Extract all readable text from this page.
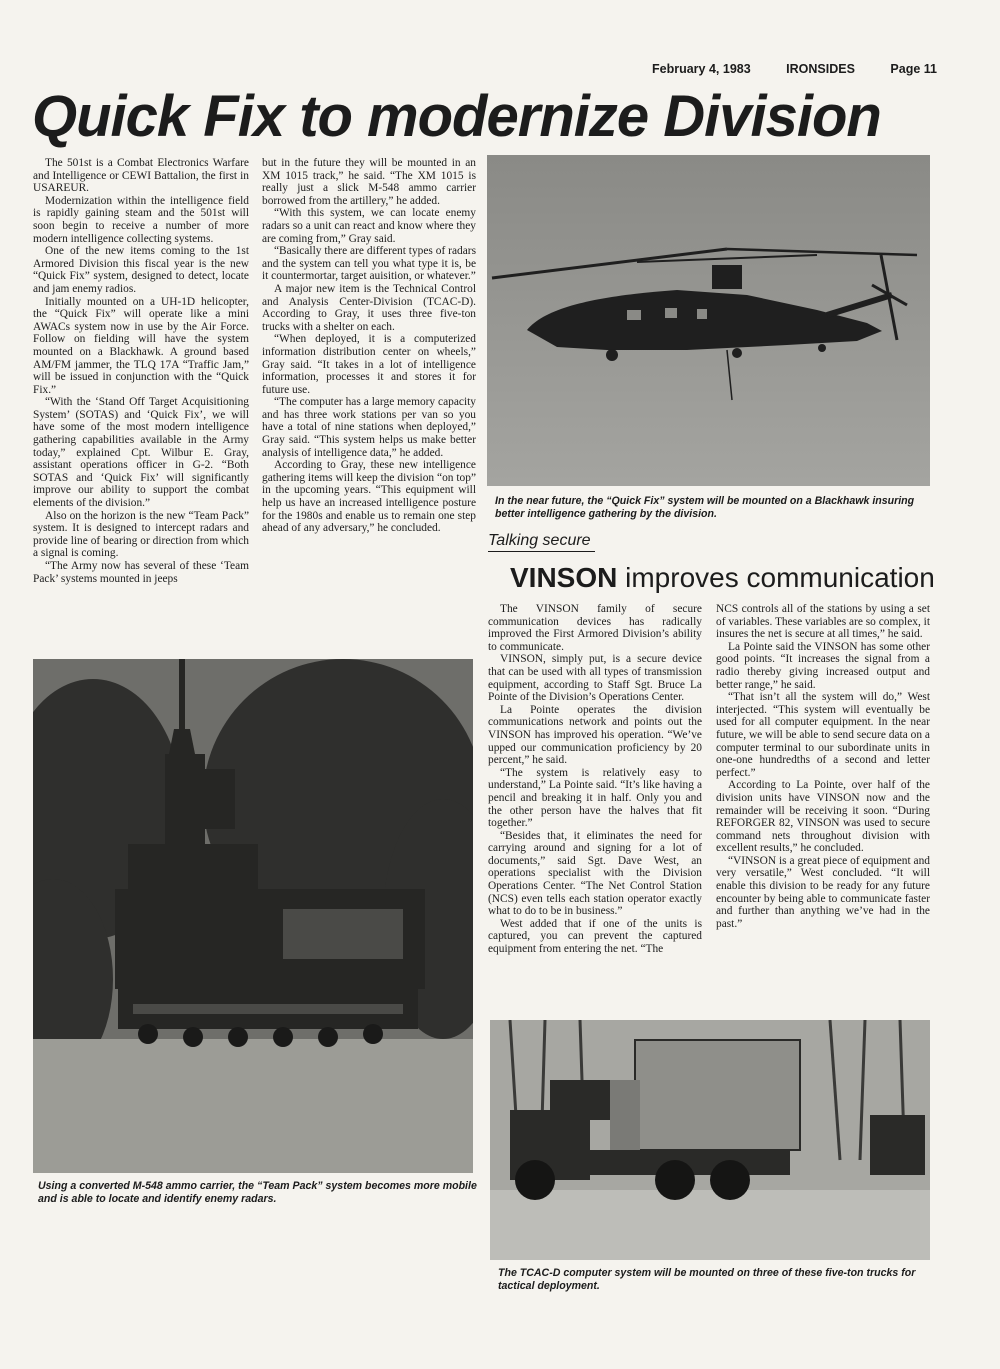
February 4, 1983	IRONSIDES	Page 11
Quick Fix to modernize Division

The 501st is a Combat Electronics Warfare and Intelligence or CEWI Battalion, the first in USAREUR.

Modernization within the intelligence field is rapidly gaining steam and the 501st will soon begin to receive a number of more modern intelligence collecting systems.

One of the new items coming to the 1st Armored Division this fiscal year is the new “Quick Fix” system, designed to detect, locate and jam enemy radios.

Initially mounted on a UH-1D helicopter, the “Quick Fix” will operate like a mini AWACs system now in use by the Air Force. Follow on fielding will have the system mounted on a Blackhawk. A ground based AM/FM jammer, the TLQ 17A “Traffic Jam,” will be issued in conjunction with the “Quick Fix.”

“With the ‘Stand Off Target Acquisitioning System’ (SOTAS) and ‘Quick Fix’, we will have some of the most modern intelligence gathering capabilities available in the Army today,” explained Cpt. Wilbur E. Gray, assistant operations officer in G-2. “Both SOTAS and ‘Quick Fix’ will significantly improve our ability to support the combat elements of the division.”

Also on the horizon is the new “Team Pack” system. It is designed to intercept radars and provide line of bearing or direction from which a signal is coming.

“The Army now has several of these ‘Team Pack’ systems mounted in jeeps

but in the future they will be mounted in an XM 1015 track,” he said. “The XM 1015 is really just a slick M-548 ammo carrier borrowed from the artillery,” he added.

“With this system, we can locate enemy radars so a unit can react and know where they are coming from,” Gray said.

“Basically there are different types of radars and the system can tell you what type it is, be it countermortar, target auisition, or whatever.”

A major new item is the Technical Control and Analysis Center-Division (TCAC-D). According to Gray, it uses three five-ton trucks with a shelter on each.

“When deployed, it is a computerized information distribution center on wheels,” Gray said. “It takes in a lot of intelligence information, processes it and stores it for future use.

“The computer has a large memory capacity and has three work stations per van so you have a total of nine stations when deployed,” Gray said. “This system helps us make better analysis of intelligence data,” he added.

According to Gray, these new intelligence gathering items will keep the division “on top” in the upcoming years. “This equipment will help us have an increased intelligence posture for the 1980s and enable us to remain one step ahead of any adversary,” he concluded.

In the near future, the “Quick Fix” system will be mounted on a Blackhawk insuring better intelligence gathering by the division.
Talking secure
VINSON improves communication

The VINSON family of secure communication devices has radically improved the First Armored Division’s ability to communicate.

VINSON, simply put, is a secure device that can be used with all types of transmission equipment, according to Staff Sgt. Bruce La Pointe of the Division’s Operations Center.

La Pointe operates the division communications network and points out the VINSON has improved his operation. “We’ve upped our communication proficiency by 20 percent,” he said.

“The system is relatively easy to understand,” La Pointe said. “It’s like having a pencil and breaking it in half. Only you and the other person have the halves that fit together.”

“Besides that, it eliminates the need for carrying around and signing for a lot of documents,” said Sgt. Dave West, an operations specialist with the Division Operations Center. “The Net Control Station (NCS) even tells each station operator exactly what to do to be in business.”

West added that if one of the units is captured, you can prevent the captured equipment from entering the net. “The

NCS controls all of the stations by using a set of variables. These variables are so complex, it insures the net is secure at all times,” he said.

La Pointe said the VINSON has some other good points. “It increases the signal from a radio thereby giving increased output and better range,” he said.

“That isn’t all the system will do,” West interjected. “This system will eventually be used for all computer equipment. In the near future, we will be able to send secure data on a computer terminal to our subordinate units in one-one hundredths of a second and letter perfect.”

According to La Pointe, over half of the division units have VINSON now and the remainder will be receiving it soon. “During REFORGER 82, VINSON was used to secure command nets throughout division with excellent results,” he concluded.

“VINSON is a great piece of equipment and very versatile,” West concluded. “It will enable this division to be ready for any future encounter by being able to communicate faster and further than anything we’ve had in the past.”

Using a converted M-548 ammo carrier, the “Team Pack” system becomes more mobile and is able to locate and identify enemy radars.
The TCAC-D computer system will be mounted on three of these five-ton trucks for tactical deployment.
